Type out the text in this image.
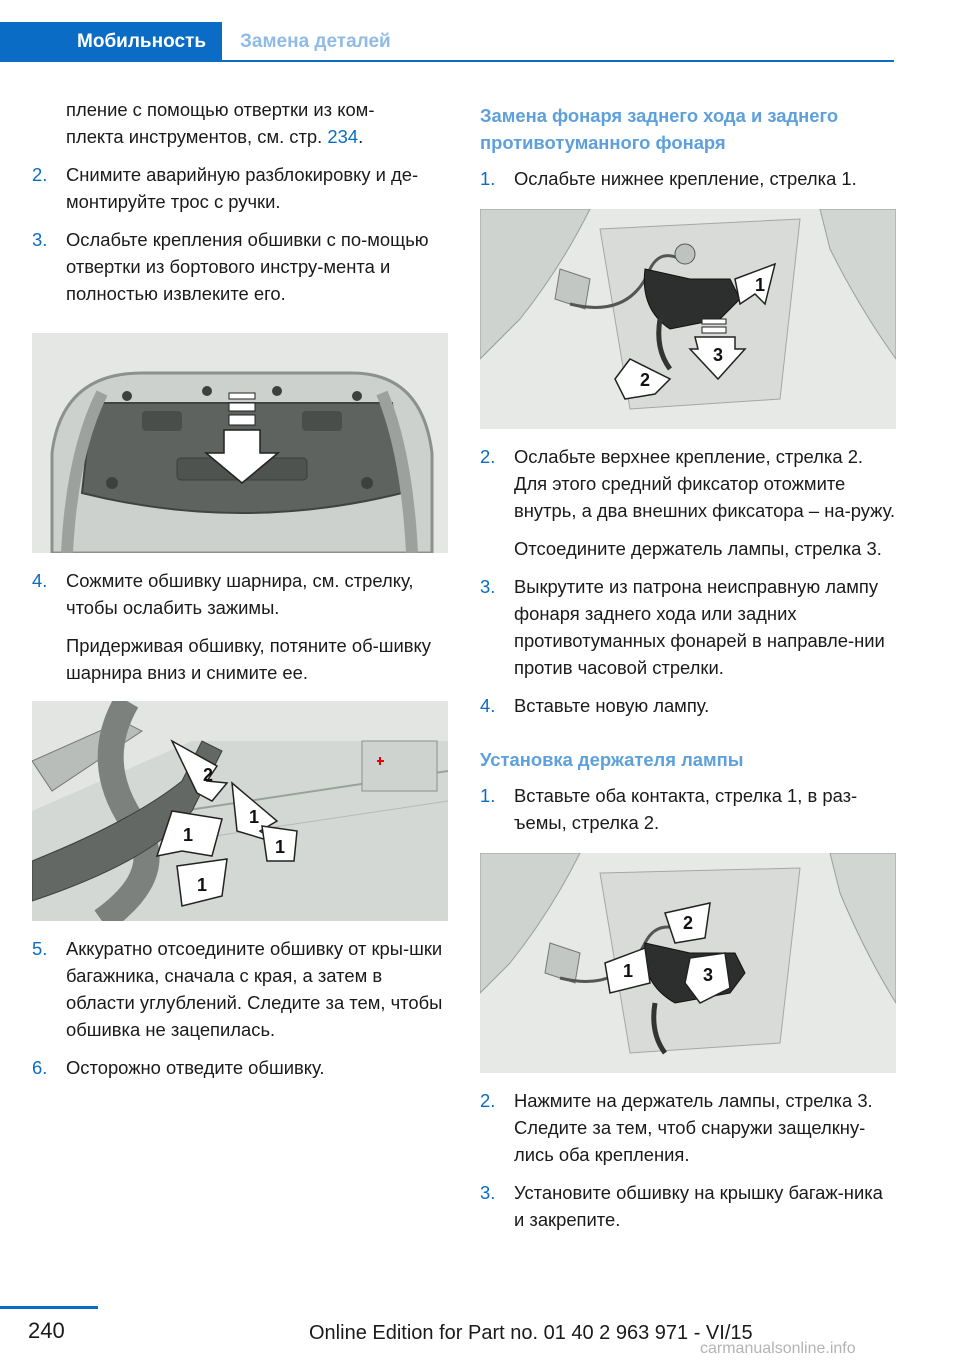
Мобильность	Замена деталей
пление с помощью отвертки из ком‐
плекта инструментов, см. стр. 234.
2. Снимите аварийную разблокировку и де‐монтируйте трос с ручки.
3. Ослабьте крепления обшивки с по‐мощью отвертки из бортового инстру‐мента и полностью извлеките его.
4. Сожмите обшивку шарнира, см. стрелку, чтобы ослабить зажимы.
Придерживая обшивку, потяните об‐шивку шарнира вниз и снимите ее.
2
1
1
1
1
5. Аккуратно отсоедините обшивку от кры‐шки багажника, сначала с края, а затем в области углублений. Следите за тем, чтобы обшивка не зацепилась.
6. Осторожно отведите обшивку.
Замена фонаря заднего хода и заднего противотуманного фонаря
1. Ослабьте нижнее крепление, стрелка 1.
1
2
3
2. Ослабьте верхнее крепление, стрелка 2. Для этого средний фиксатор отожмите внутрь, а два внешних фиксатора – на‐ружу.
Отсоедините держатель лампы, стрелка 3.
3. Выкрутите из патрона неисправную лампу фонаря заднего хода или задних противотуманных фонарей в направле‐нии против часовой стрелки.
4. Вставьте новую лампу.
Установка держателя лампы
1. Вставьте оба контакта, стрелка 1, в раз‐ъемы, стрелка 2.
2
1	3
2. Нажмите на держатель лампы, стрелка 3. Следите за тем, чтоб снаружи защелкну‐лись оба крепления.
3. Установите обшивку на крышку багаж‐ника и закрепите.
240	Online Edition for Part no. 01 40 2 963 971 - VI/15
carmanualsonline.info
